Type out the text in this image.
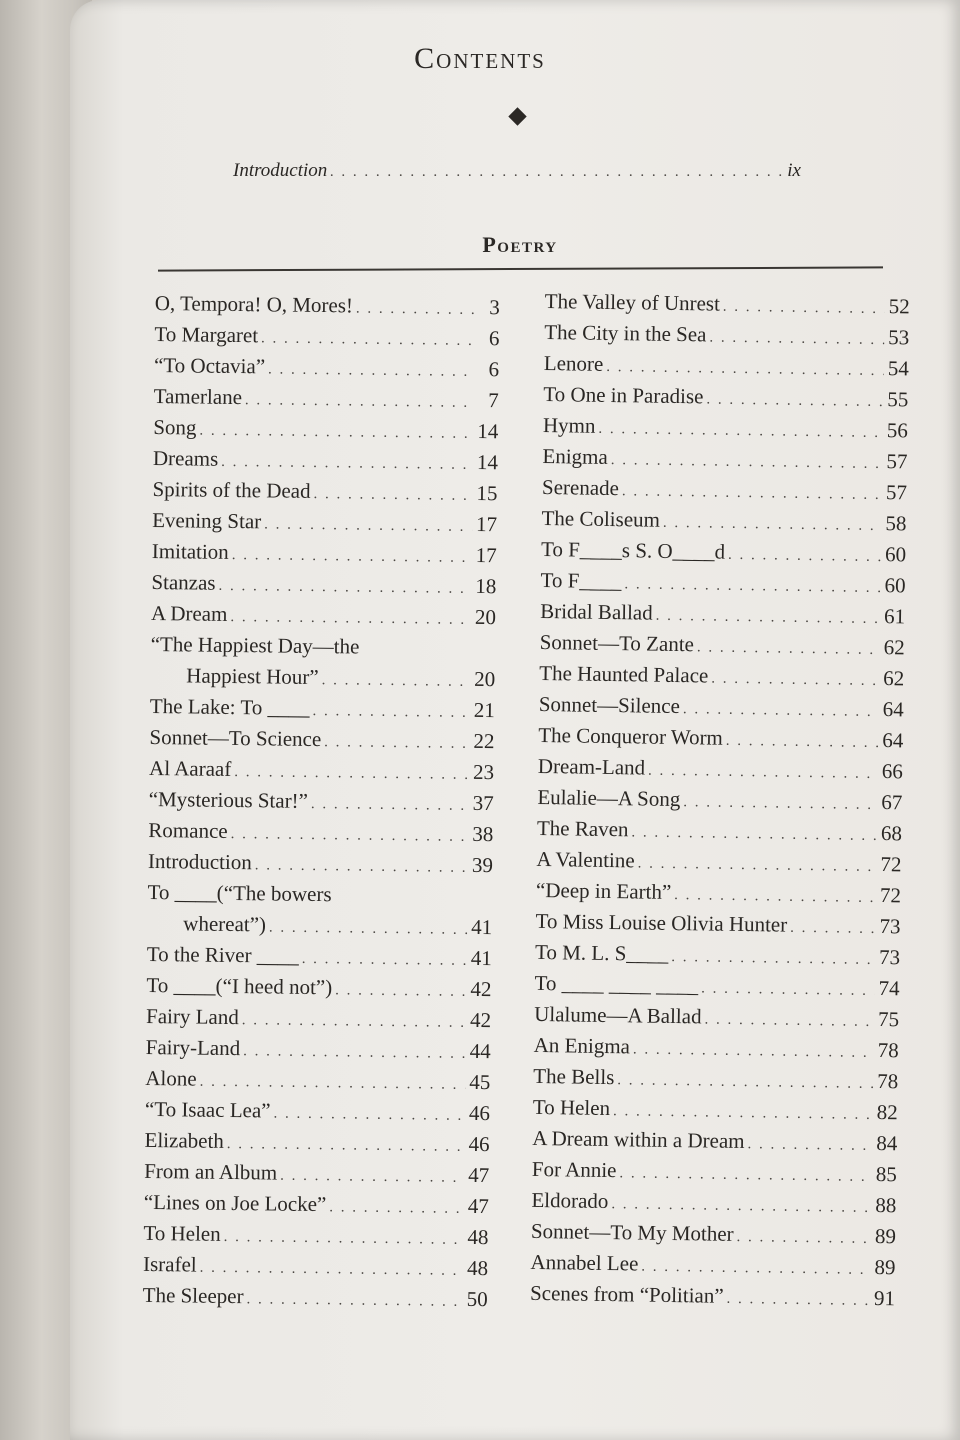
Contents
Introduction . . .	ix
Poetry
O, Tempora! O, Mores! . . .	3
To Margaret . . .	6
“To Octavia” . . .	6
Tamerlane . . .	7
Song . . .	14
Dreams . . .	14
Spirits of the Dead . . .	15
Evening Star . . .	17
Imitation . . .	17
Stanzas . . .	18
A Dream . . .	20
“The Happiest Day—the
Happiest Hour” . . .	20
The Lake: To ____ . . .	21
Sonnet—To Science . . .	22
Al Aaraaf . . .	23
“Mysterious Star!” . . .	37
Romance . . .	38
Introduction . . .	39
To ____(“The bowers
whereat”) . . .	41
To the River ____ . . .	41
To ____(“I heed not”) . . .	42
Fairy Land . . .	42
Fairy-Land . . .	44
Alone . . .	45
“To Isaac Lea” . . .	46
Elizabeth . . .	46
From an Album . . .	47
“Lines on Joe Locke” . . .	47
To Helen . . .	48
Israfel . . .	48
The Sleeper . . .	50
The Valley of Unrest . . .	52
The City in the Sea . . .	53
Lenore . . .	54
To One in Paradise . . .	55
Hymn . . .	56
Enigma . . .	57
Serenade . . .	57
The Coliseum . . .	58
To F____s S. O____d . . .	60
To F____ . . .	60
Bridal Ballad . . .	61
Sonnet—To Zante . . .	62
The Haunted Palace . . .	62
Sonnet—Silence . . .	64
The Conqueror Worm . . .	64
Dream-Land . . .	66
Eulalie—A Song . . .	67
The Raven . . .	68
A Valentine . . .	72
“Deep in Earth” . . .	72
To Miss Louise Olivia Hunter . . .	73
To M. L. S____ . . .	73
To ____ ____ ____ . . .	74
Ulalume—A Ballad . . .	75
An Enigma . . .	78
The Bells . . .	78
To Helen . . .	82
A Dream within a Dream . . .	84
For Annie . . .	85
Eldorado . . .	88
Sonnet—To My Mother . . .	89
Annabel Lee . . .	89
Scenes from “Politian” . . .	91
